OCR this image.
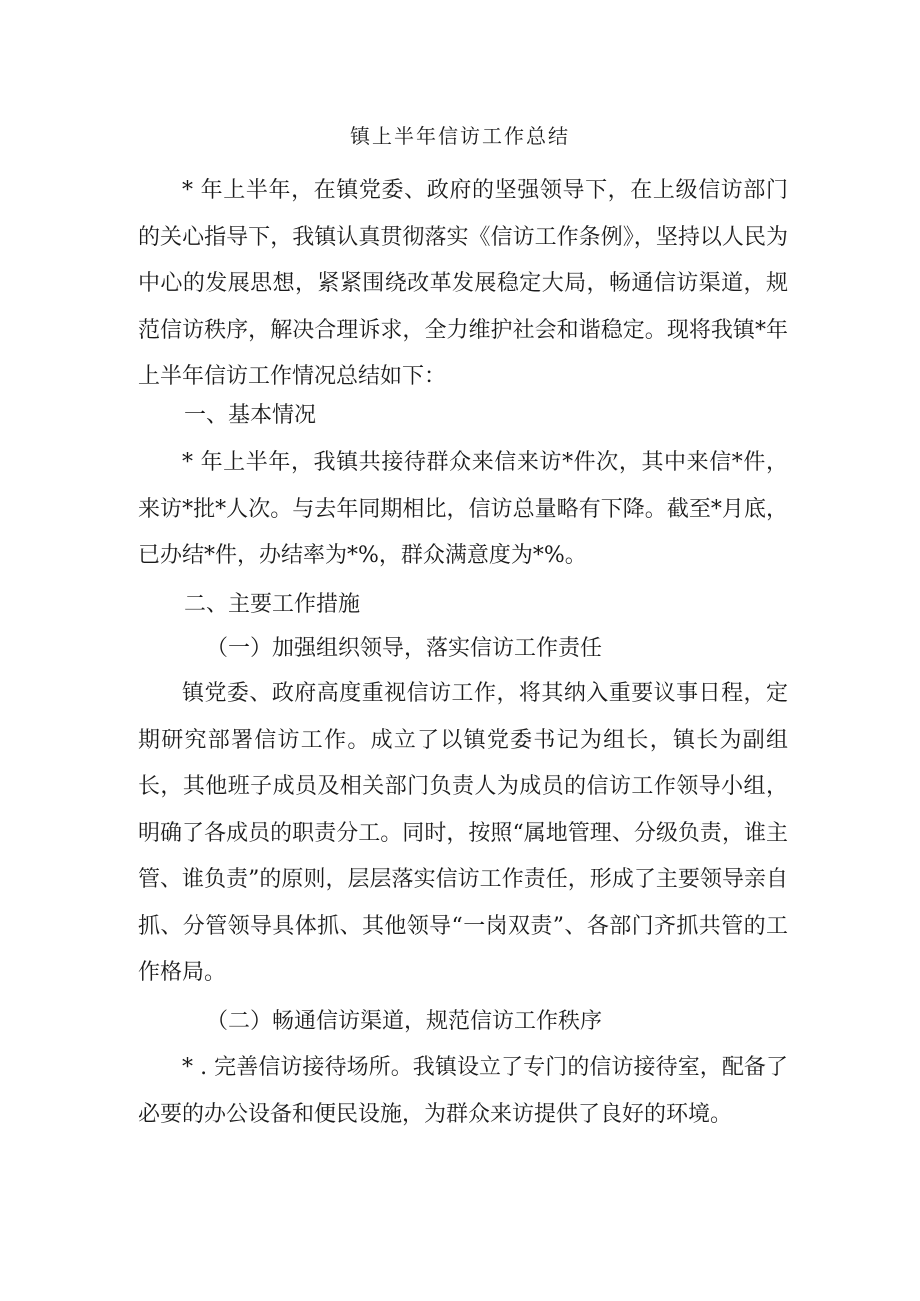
镇上半年信访工作总结

* 年上半年，在镇党委、政府的坚强领导下，在上级信访部门的关心指导下，我镇认真贯彻落实《信访工作条例》，坚持以人民为中心的发展思想，紧紧围绕改革发展稳定大局，畅通信访渠道，规范信访秩序，解决合理诉求，全力维护社会和谐稳定。现将我镇*年上半年信访工作情况总结如下：

一、基本情况

* 年上半年，我镇共接待群众来信来访*件次，其中来信*件，来访*批*人次。与去年同期相比，信访总量略有下降。截至*月底，已办结*件，办结率为*%，群众满意度为*%。

二、主要工作措施

（一）加强组织领导，落实信访工作责任

镇党委、政府高度重视信访工作，将其纳入重要议事日程，定期研究部署信访工作。成立了以镇党委书记为组长，镇长为副组长，其他班子成员及相关部门负责人为成员的信访工作领导小组，明确了各成员的职责分工。同时，按照“属地管理、分级负责，谁主管、谁负责”的原则，层层落实信访工作责任，形成了主要领导亲自抓、分管领导具体抓、其他领导“一岗双责”、各部门齐抓共管的工作格局。

（二）畅通信访渠道，规范信访工作秩序

* . 完善信访接待场所。我镇设立了专门的信访接待室，配备了必要的办公设备和便民设施，为群众来访提供了良好的环境。
